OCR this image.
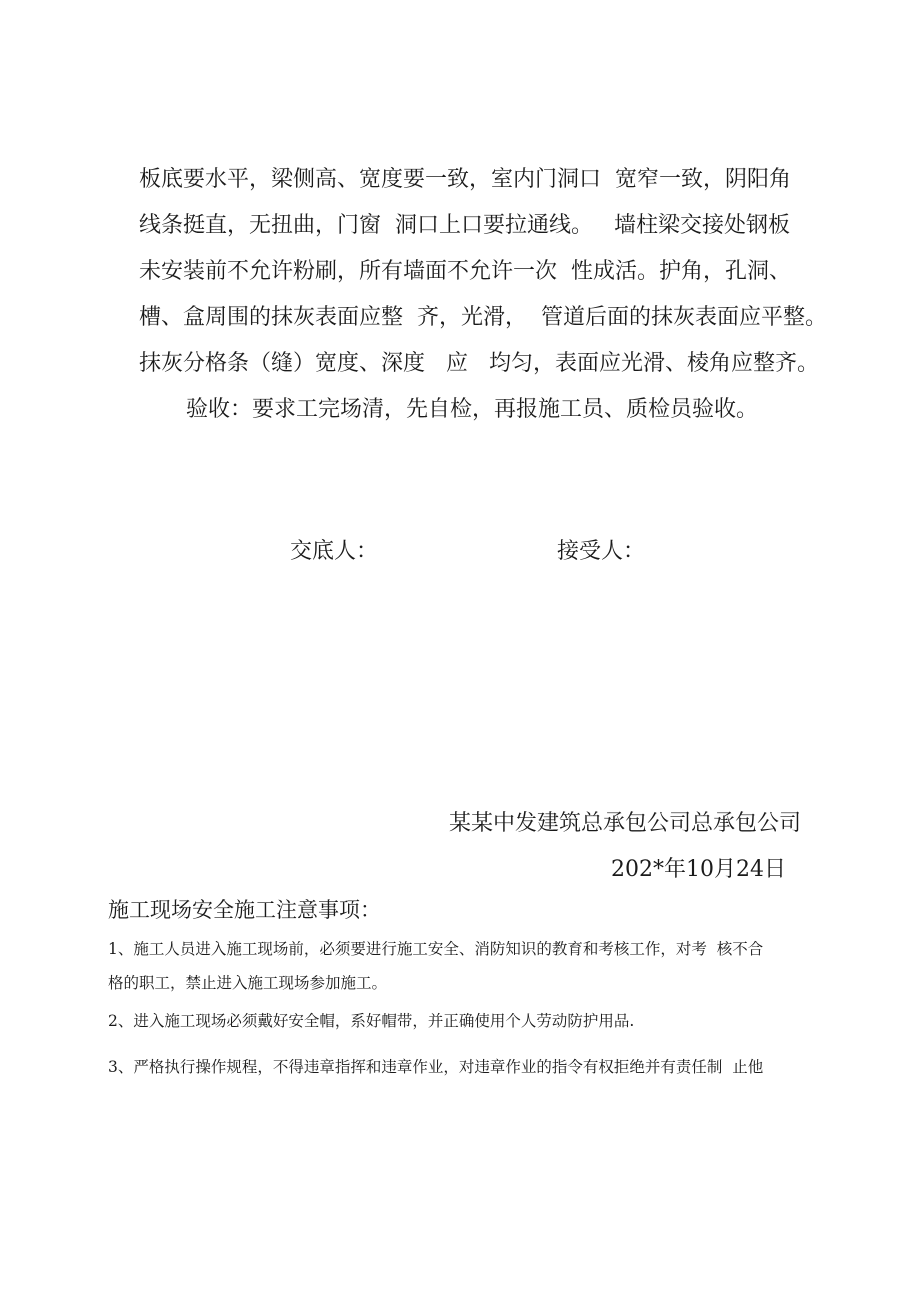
板底要水平，梁侧高、宽度要一致，室内门洞口  宽窄一致，阴阳角
线条挺直，无扭曲，门窗  洞口上口要拉通线。   墙柱梁交接处钢板
未安装前不允许粉刷，所有墙面不允许一次  性成活。护角，孔洞、
槽、盒周围的抹灰表面应整  齐，光滑，  管道后面的抹灰表面应平整。
抹灰分格条（缝）宽度、深度   应   均匀，表面应光滑、棱角应整齐。
验收：要求工完场清，先自检，再报施工员、质检员验收。
交底人：	接受人：
某某中发建筑总承包公司总承包公司
202*年10月24日
施工现场安全施工注意事项：
1、施工人员进入施工现场前，必须要进行施工安全、消防知识的教育和考核工作，对考  核不合
格的职工，禁止进入施工现场参加施工。
2、进入施工现场必须戴好安全帽，系好帽带，并正确使用个人劳动防护用品.
3、严格执行操作规程，不得违章指挥和违章作业，对违章作业的指令有权拒绝并有责任制  止他
